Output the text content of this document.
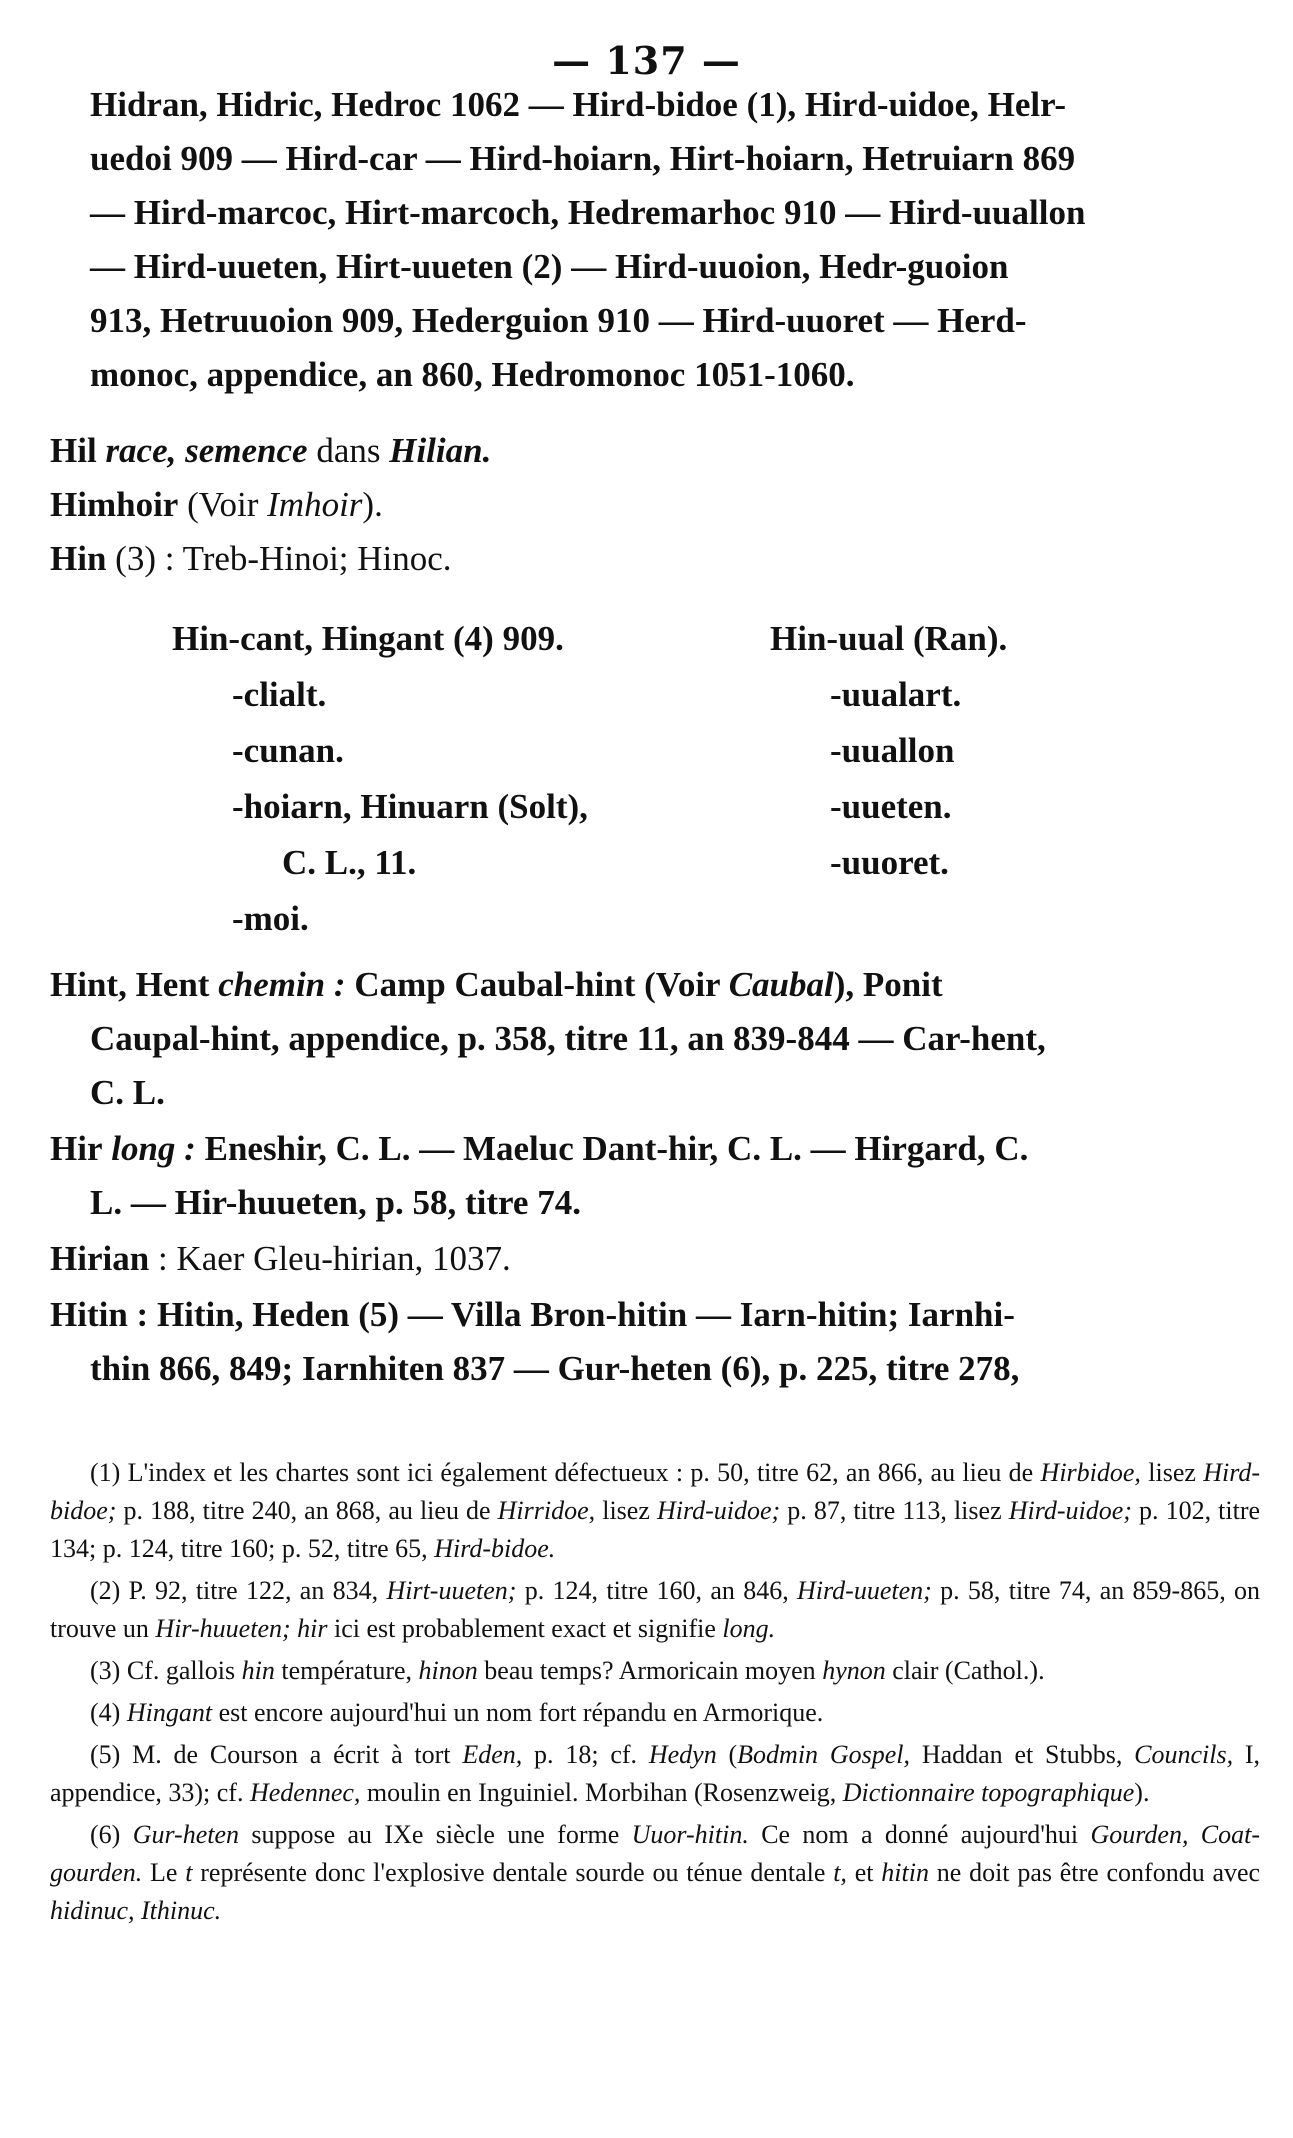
— 137 —
Hidran, Hidric, Hedroc 1062 — Hird-bidoe (1), Hird-uidoe, Helr-
uedoi 909 — Hird-car — Hird-hoiarn, Hirt-hoiarn, Hetruiarn 869
— Hird-marcoc, Hirt-marcoch, Hedremarhoc 910 — Hird-uuallon
— Hird-uueten, Hirt-uueten (2) — Hird-uuoion, Hedr-guoion
913, Hetruuoion 909, Hederguion 910 — Hird-uuoret — Herd-
monoc, appendice, an 860, Hedromonoc 1051-1060.
Hil race, semence dans Hilian.
Himhoir (Voir Imhoir).
Hin (3) : Treb-Hinoi; Hinoc.
Hin-cant, Hingant (4) 909.
-clialt.
-cunan.
-hoiarn, Hinuarn (Solt),
C. L., 11.
-moi.
Hin-uual (Ran).
-uualart.
-uuallon
-uueten.
-uuoret.
Hint, Hent chemin : Camp Caubal-hint (Voir Caubal), Ponit
Caupal-hint, appendice, p. 358, titre 11, an 839-844 — Car-hent,
C. L.
Hir long : Eneshir, C. L. — Maeluc Dant-hir, C. L. — Hirgard, C.
L. — Hir-huueten, p. 58, titre 74.
Hirian : Kaer Gleu-hirian, 1037.
Hitin : Hitin, Heden (5) — Villa Bron-hitin — Iarn-hitin; Iarnhi-
thin 866, 849; Iarnhiten 837 — Gur-heten (6), p. 225, titre 278,

(1) L'index et les chartes sont ici également défectueux : p. 50, titre 62, an 866, au lieu de Hirbidoe, lisez Hird-bidoe; p. 188, titre 240, an 868, au lieu de Hirridoe, lisez Hird-uidoe; p. 87, titre 113, lisez Hird-uidoe; p. 102, titre 134; p. 124, titre 160; p. 52, titre 65, Hird-bidoe.

(2) P. 92, titre 122, an 834, Hirt-uueten; p. 124, titre 160, an 846, Hird-uueten; p. 58, titre 74, an 859-865, on trouve un Hir-huueten; hir ici est probablement exact et signifie long.

(3) Cf. gallois hin température, hinon beau temps? Armoricain moyen hynon clair (Cathol.).

(4) Hingant est encore aujourd'hui un nom fort répandu en Armorique.

(5) M. de Courson a écrit à tort Eden, p. 18; cf. Hedyn (Bodmin Gospel, Haddan et Stubbs, Councils, I, appendice, 33); cf. Hedennec, moulin en Inguiniel. Morbihan (Rosenzweig, Dictionnaire topographique).

(6) Gur-heten suppose au IXe siècle une forme Uuor-hitin. Ce nom a donné aujourd'hui Gourden, Coat-gourden. Le t représente donc l'explosive dentale sourde ou ténue dentale t, et hitin ne doit pas être confondu avec hidinuc, Ithinuc.
